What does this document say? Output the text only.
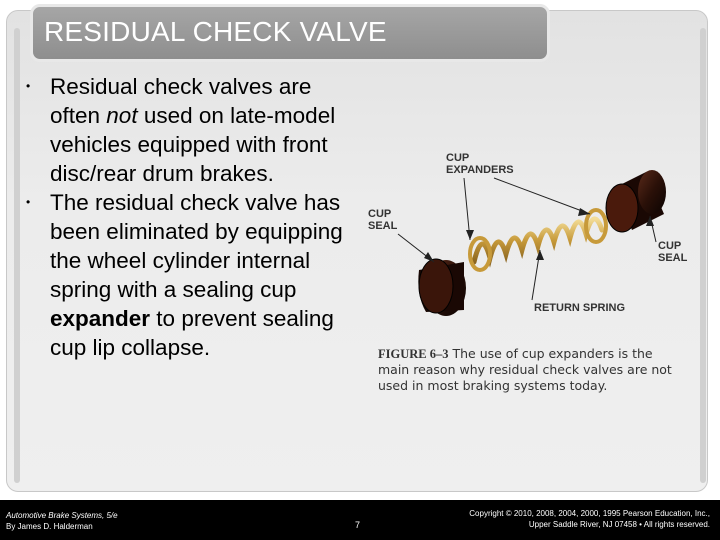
RESIDUAL CHECK VALVE
• Residual check valves are often not used on late-model vehicles equipped with front disc/rear drum brakes.
• The residual check valve has been eliminated by equipping the wheel cylinder internal spring with a sealing cup expander to prevent sealing cup lip collapse.
CUP
EXPANDERS
CUP
SEAL
CUP
SEAL
RETURN SPRING
FIGURE 6–3 The use of cup expanders is the main reason why residual check valves are not used in most braking systems today.
Automotive Brake Systems, 5/e
By James D. Halderman	7
Copyright © 2010, 2008, 2004, 2000, 1995 Pearson Education, Inc.,
Upper Saddle River, NJ 07458 • All rights reserved.
